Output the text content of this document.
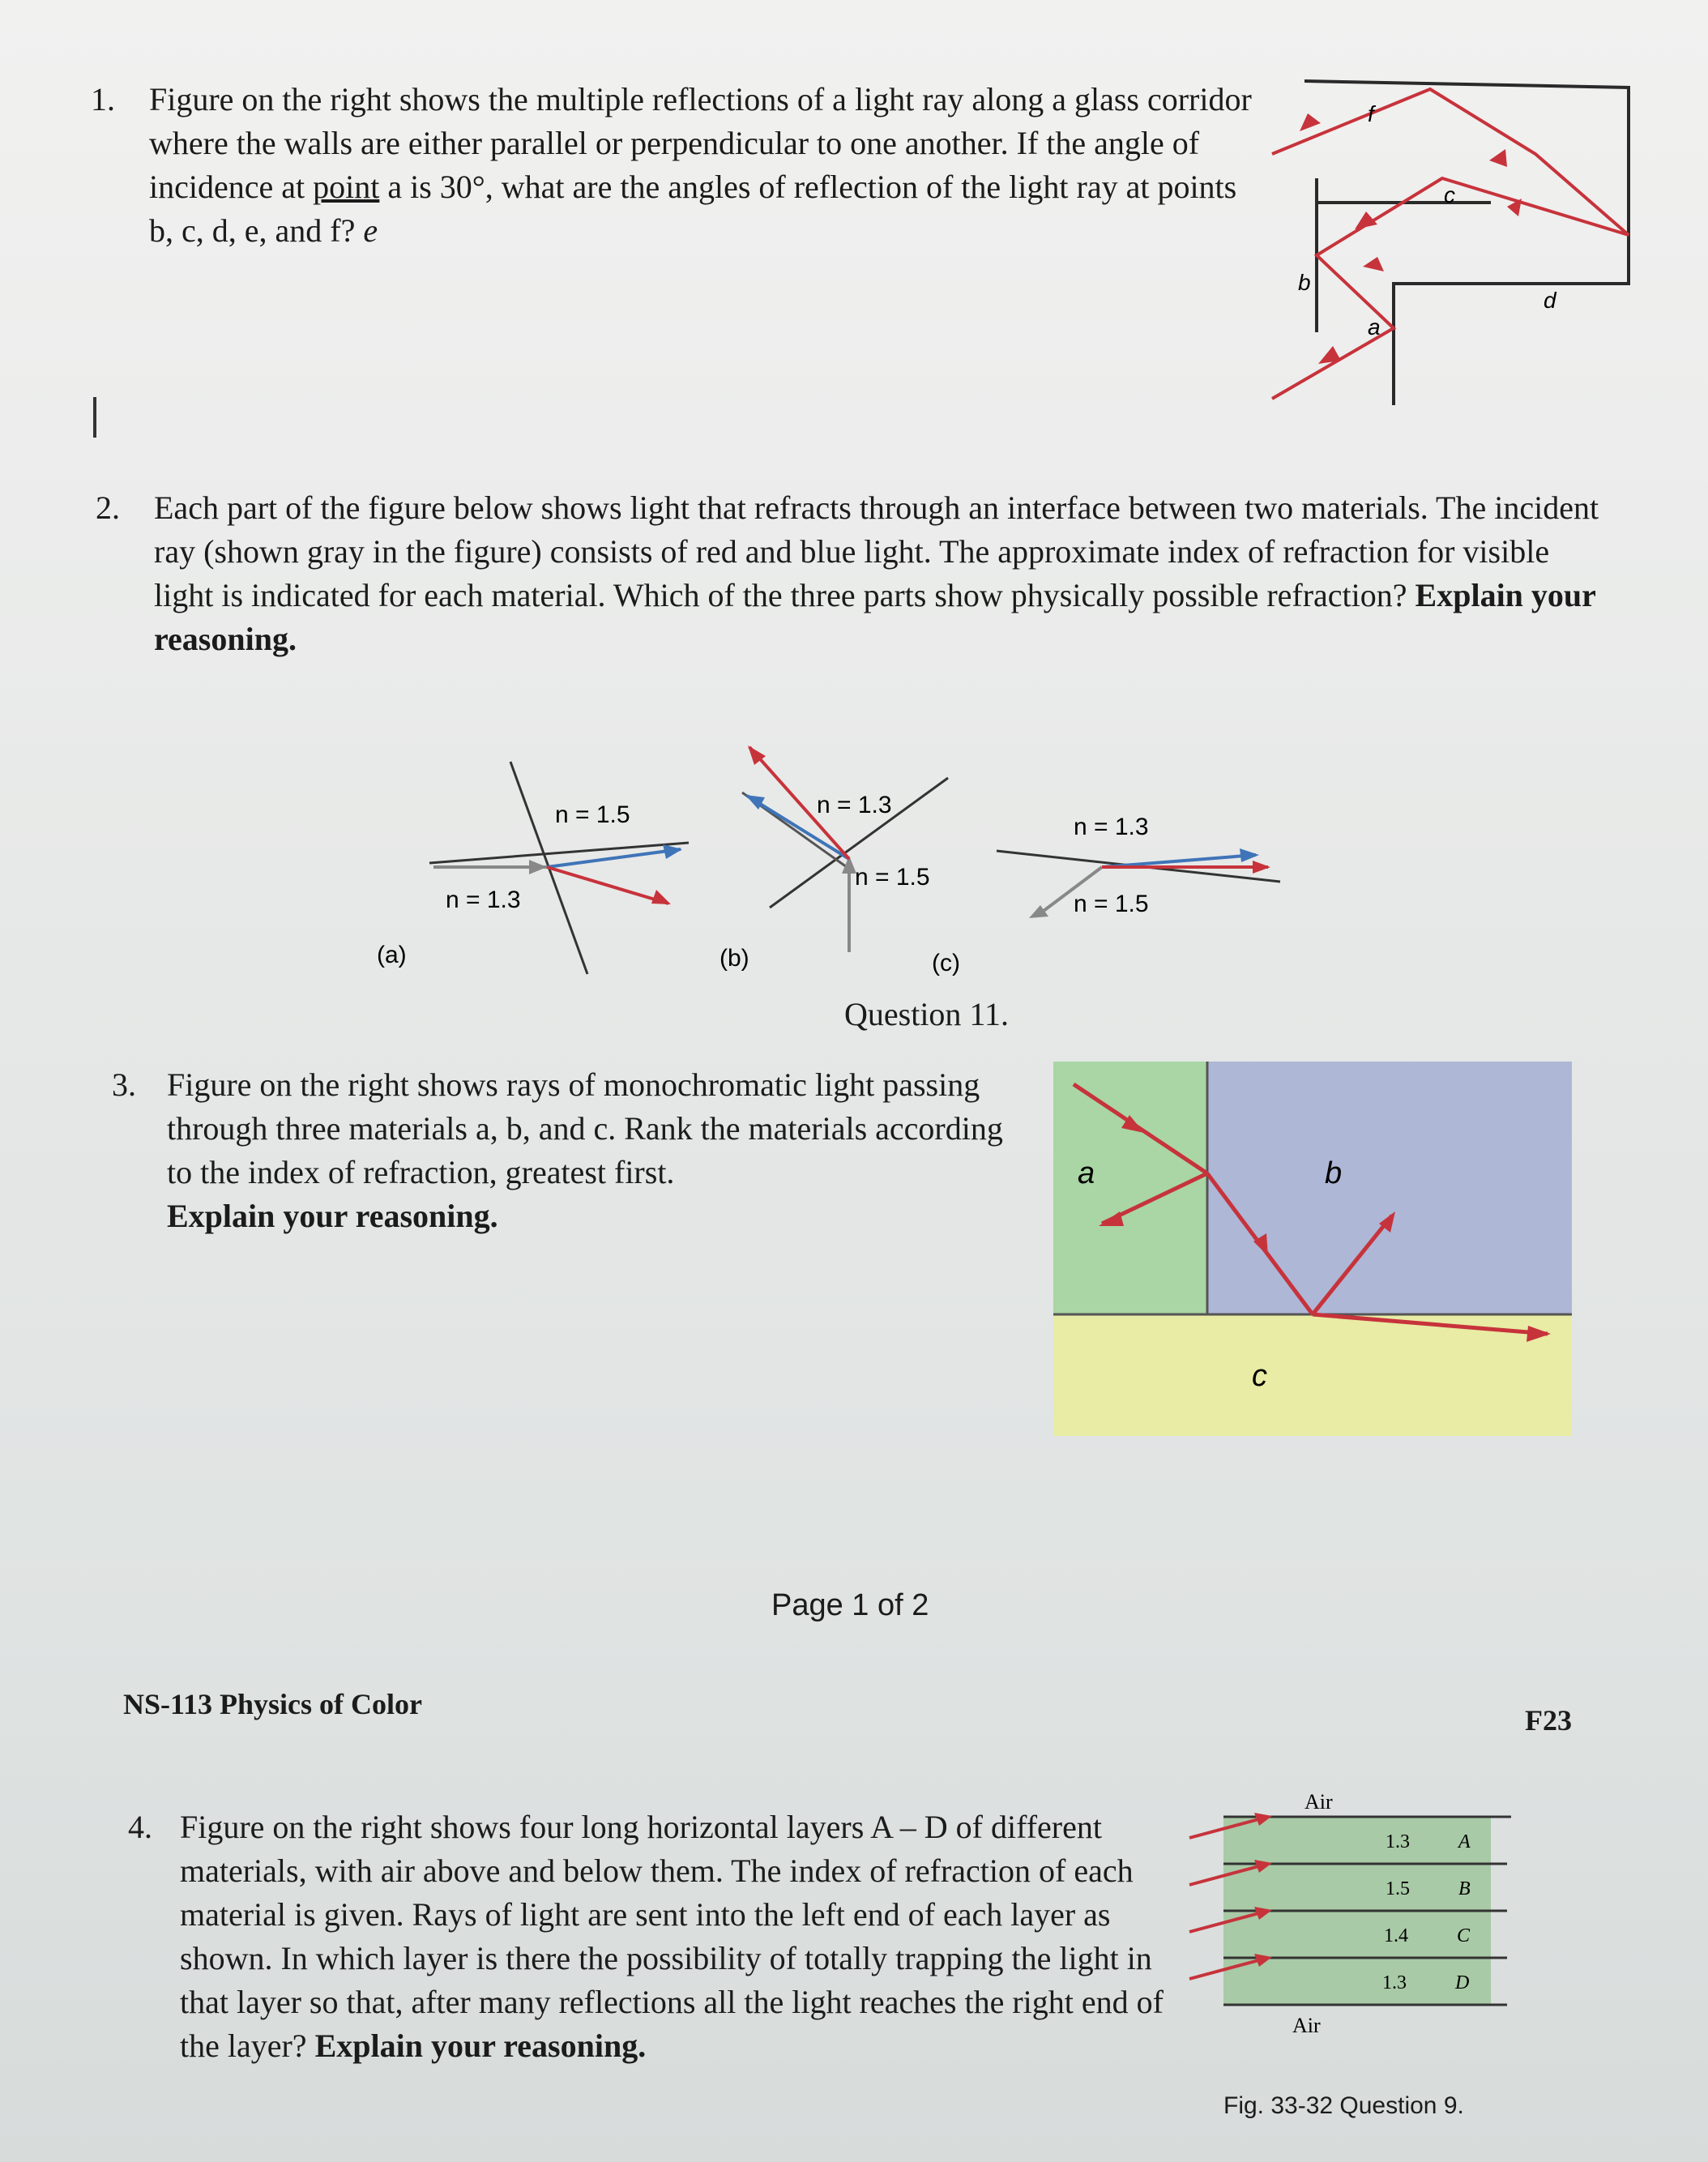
1. Figure on the right shows the multiple reflections of a light ray along a glass corridor where the walls are either parallel or perpendicular to one another. If the angle of incidence at point a is 30°, what are the angles of reflection of the light ray at points b, c, d, e, and f? e
a
b
c
d
f
2. Each part of the figure below shows light that refracts through an interface between two materials. The incident ray (shown gray in the figure) consists of red and blue light. The approximate index of refraction for visible light is indicated for each material. Which of the three parts show physically possible refraction? Explain your reasoning.
n = 1.5
n = 1.3
(a)
n = 1.3
n = 1.5
(b)
n = 1.3
n = 1.5
(c)
Question 11.
3. Figure on the right shows rays of monochromatic light passing through three materials a, b, and c. Rank the materials according to the index of refraction, greatest first.
Explain your reasoning.
a	b
c
Page 1 of 2
NS-113 Physics of Color	F23
4. Figure on the right shows four long horizontal layers A – D of different materials, with air above and below them. The index of refraction of each material is given. Rays of light are sent into the left end of each layer as shown. In which layer is there the possibility of totally trapping the light in that layer so that, after many reflections all the light reaches the right end of the layer? Explain your reasoning.
Air
Air
1.3	A
1.5	B
1.4	C
1.3	D
Fig. 33-32 Question 9.
